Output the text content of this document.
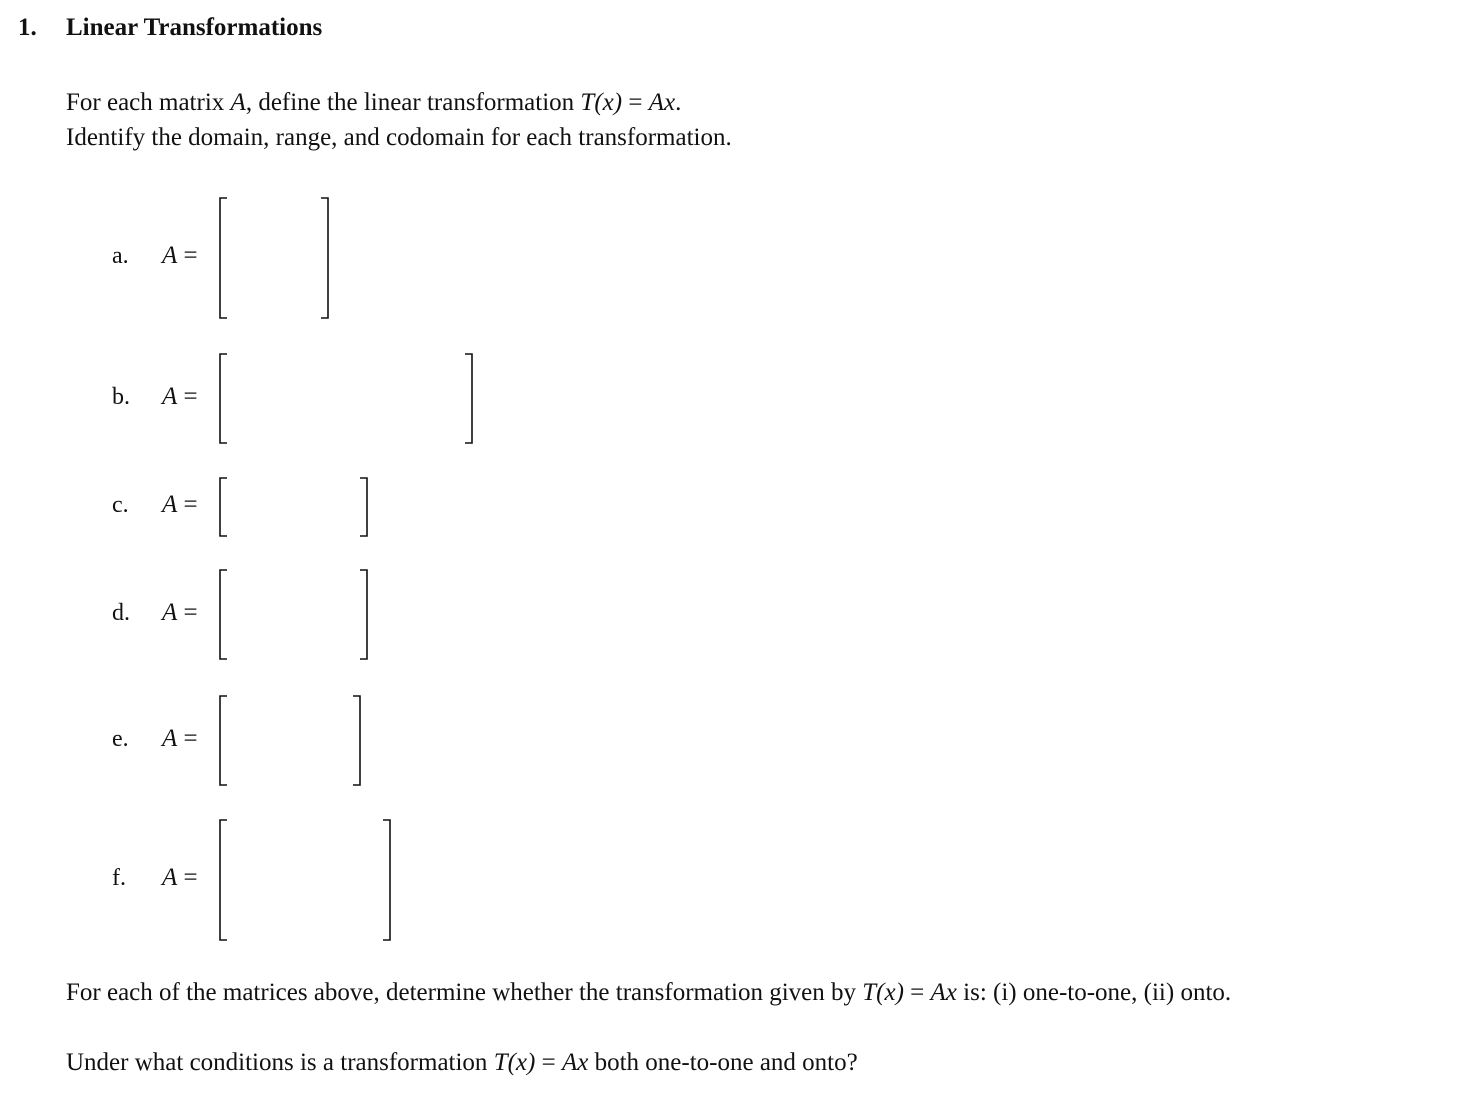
1. Linear Transformations
For each matrix A, define the linear transformation T(x) = Ax.
Identify the domain, range, and codomain for each transformation.
a. A =
b. A =
c. A =
d. A =
e. A =
f. A =
For each of the matrices above, determine whether the transformation given by T(x) = Ax is: (i) one-to-one, (ii) onto.
Under what conditions is a transformation T(x) = Ax both one-to-one and onto?
